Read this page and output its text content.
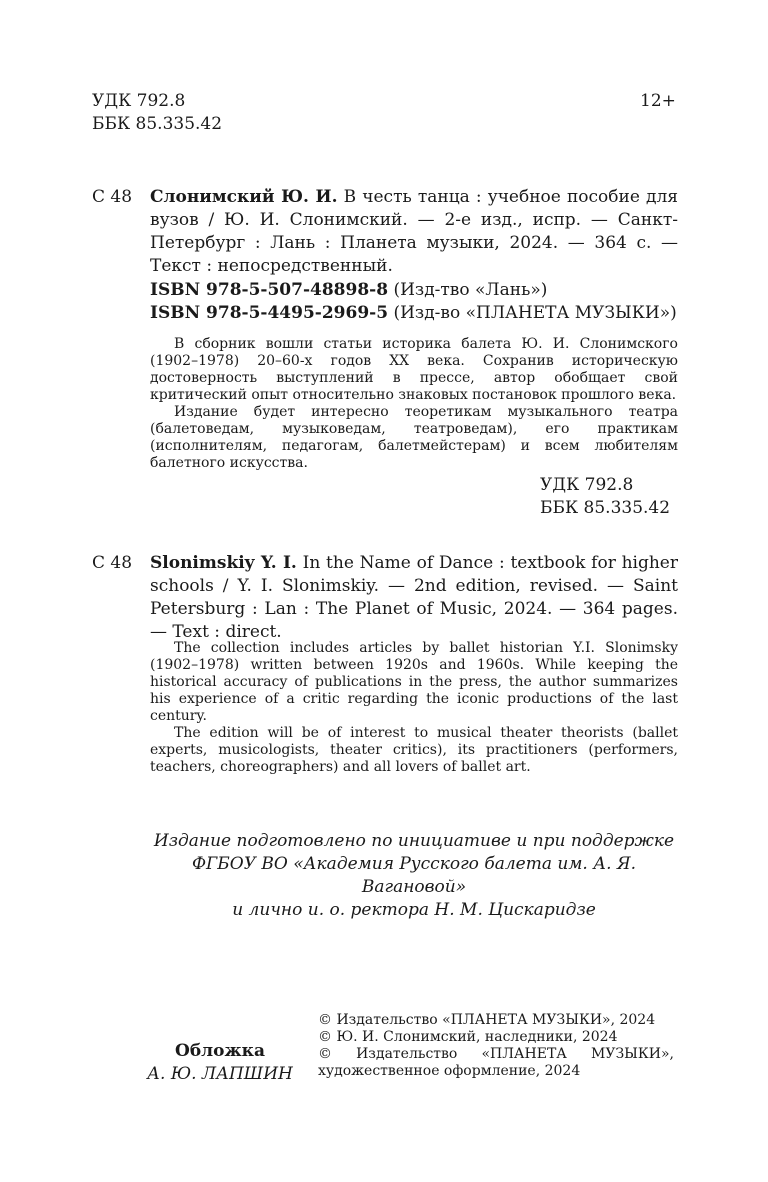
УДК 792.8
ББК 85.335.42
12+
С 48 Слонимский Ю. И. В честь танца : учебное пособие для вузов / Ю. И. Слонимский. — 2-е изд., испр. — Санкт-Петербург : Лань : Планета музыки, 2024. — 364 с. — Текст : непосредственный.
ISBN 978-5-507-48898-8 (Изд-тво «Лань»)
ISBN 978-5-4495-2969-5 (Изд-во «ПЛАНЕТА МУЗЫКИ»)

В сборник вошли статьи историка балета Ю. И. Слонимского (1902–1978) 20–60-х годов XX века. Сохранив историческую достоверность выступлений в прессе, автор обобщает свой критический опыт относительно знаковых постановок прошлого века.

Издание будет интересно теоретикам музыкального театра (балетоведам, музыковедам, театроведам), его практикам (исполнителям, педагогам, балетмейстерам) и всем любителям балетного искусства.

УДК 792.8
ББК 85.335.42
С 48 Slonimskiy Y. I. In the Name of Dance : textbook for higher schools / Y. I. Slonimskiy. — 2nd edition, revised. — Saint Petersburg : Lan : The Planet of Music, 2024. — 364 pages. — Text : direct.

The collection includes articles by ballet historian Y.I. Slonimsky (1902–1978) written between 1920s and 1960s. While keeping the historical accuracy of publications in the press, the author summarizes his experience of a critic regarding the iconic productions of the last century.

The edition will be of interest to musical theater theorists (ballet experts, musicologists, theater critics), its practitioners (performers, teachers, choreographers) and all lovers of ballet art.

Издание подготовлено по инициативе и при поддержке
ФГБОУ ВО «Академия Русского балета им. А. Я. Вагановой»
и лично и. о. ректора Н. М. Цискаридзе
Обложка
А. Ю. ЛАПШИН
© Издательство «ПЛАНЕТА МУЗЫКИ», 2024
© Ю. И. Слонимский, наследники, 2024
© Издательство «ПЛАНЕТА МУЗЫКИ», художественное оформление, 2024
